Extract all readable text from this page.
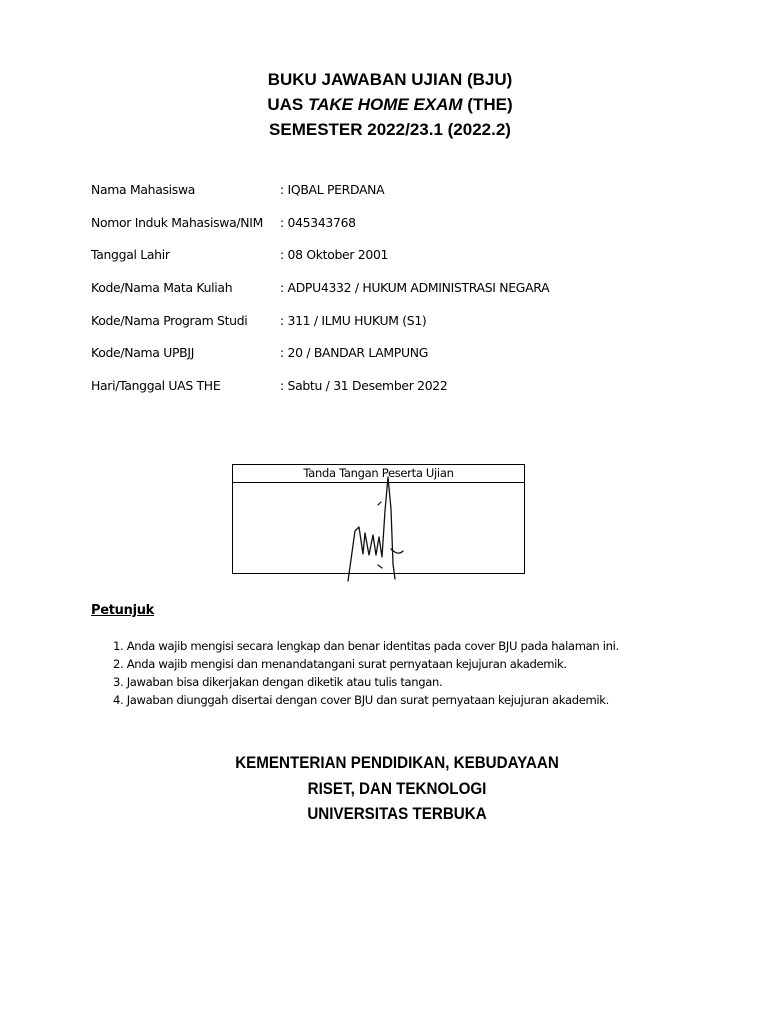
BUKU JAWABAN UJIAN (BJU)
UAS TAKE HOME EXAM (THE)
SEMESTER 2022/23.1 (2022.2)
Nama Mahasiswa	: IQBAL PERDANA
Nomor Induk Mahasiswa/NIM : 045343768
Tanggal Lahir	: 08 Oktober 2001
Kode/Nama Mata Kuliah	: ADPU4332 / HUKUM ADMINISTRASI NEGARA
Kode/Nama Program Studi	: 311 / ILMU HUKUM (S1)
Kode/Nama UPBJJ	: 20 / BANDAR LAMPUNG
Hari/Tanggal UAS THE	: Sabtu / 31 Desember 2022
Tanda Tangan Peserta Ujian
Petunjuk
1. Anda wajib mengisi secara lengkap dan benar identitas pada cover BJU pada halaman ini.
2. Anda wajib mengisi dan menandatangani surat pernyataan kejujuran akademik.
3. Jawaban bisa dikerjakan dengan diketik atau tulis tangan.
4. Jawaban diunggah disertai dengan cover BJU dan surat pernyataan kejujuran akademik.
KEMENTERIAN PENDIDIKAN, KEBUDAYAAN
RISET, DAN TEKNOLOGI
UNIVERSITAS TERBUKA
